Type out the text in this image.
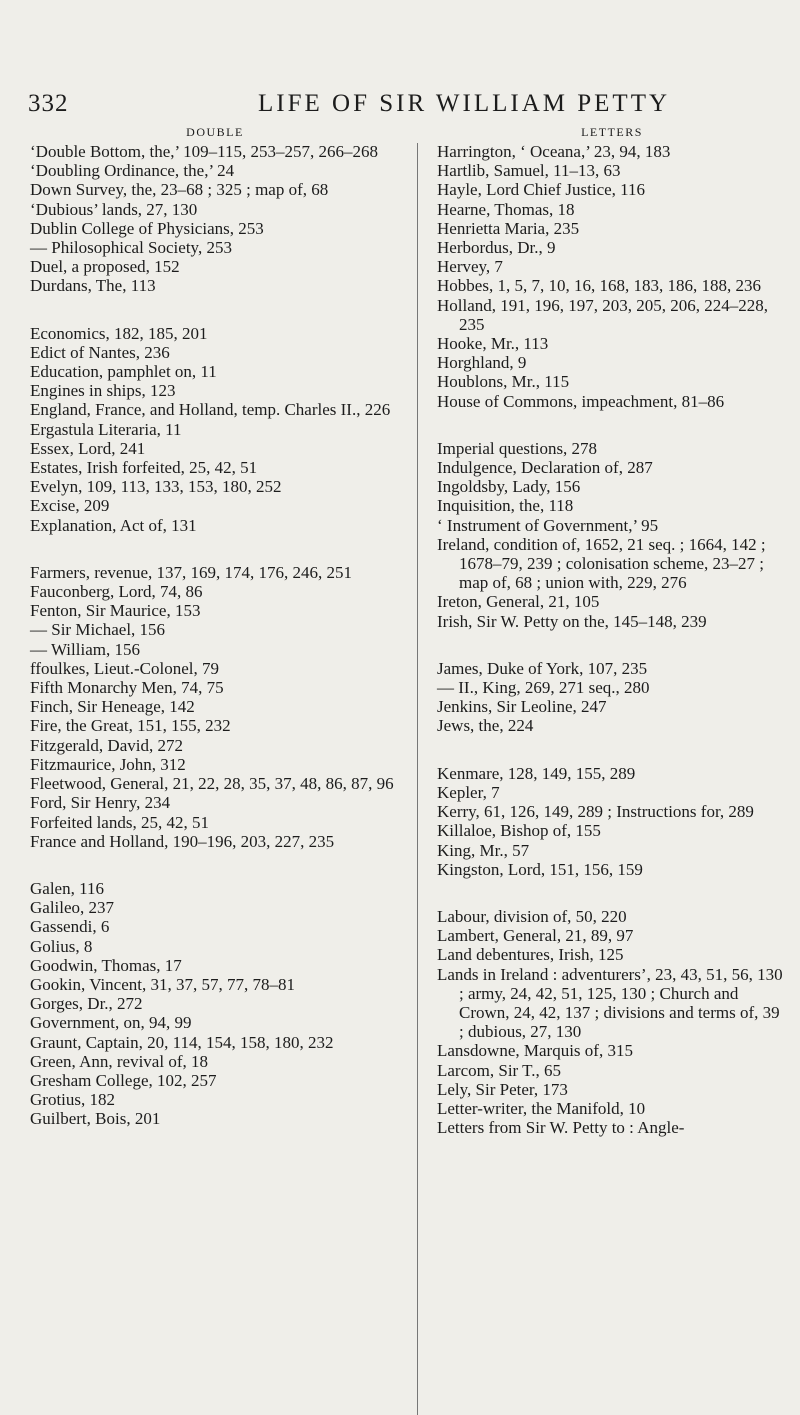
332	LIFE OF SIR WILLIAM PETTY
DOUBLE
‘Double Bottom, the,’ 109–115, 253–257, 266–268
‘Doubling Ordinance, the,’ 24
Down Survey, the, 23–68 ; 325 ; map of, 68
‘Dubious’ lands, 27, 130
Dublin College of Physicians, 253
— Philosophical Society, 253
Duel, a proposed, 152
Durdans, The, 113
Economics, 182, 185, 201
Edict of Nantes, 236
Education, pamphlet on, 11
Engines in ships, 123
England, France, and Holland, temp. Charles II., 226
Ergastula Literaria, 11
Essex, Lord, 241
Estates, Irish forfeited, 25, 42, 51
Evelyn, 109, 113, 133, 153, 180, 252
Excise, 209
Explanation, Act of, 131
Farmers, revenue, 137, 169, 174, 176, 246, 251
Fauconberg, Lord, 74, 86
Fenton, Sir Maurice, 153
— Sir Michael, 156
— William, 156
ffoulkes, Lieut.-Colonel, 79
Fifth Monarchy Men, 74, 75
Finch, Sir Heneage, 142
Fire, the Great, 151, 155, 232
Fitzgerald, David, 272
Fitzmaurice, John, 312
Fleetwood, General, 21, 22, 28, 35, 37, 48, 86, 87, 96
Ford, Sir Henry, 234
Forfeited lands, 25, 42, 51
France and Holland, 190–196, 203, 227, 235
Galen, 116
Galileo, 237
Gassendi, 6
Golius, 8
Goodwin, Thomas, 17
Gookin, Vincent, 31, 37, 57, 77, 78–81
Gorges, Dr., 272
Government, on, 94, 99
Graunt, Captain, 20, 114, 154, 158, 180, 232
Green, Ann, revival of, 18
Gresham College, 102, 257
Grotius, 182
Guilbert, Bois, 201
LETTERS
Harrington, ‘ Oceana,’ 23, 94, 183
Hartlib, Samuel, 11–13, 63
Hayle, Lord Chief Justice, 116
Hearne, Thomas, 18
Henrietta Maria, 235
Herbordus, Dr., 9
Hervey, 7
Hobbes, 1, 5, 7, 10, 16, 168, 183, 186, 188, 236
Holland, 191, 196, 197, 203, 205, 206, 224–228, 235
Hooke, Mr., 113
Horghland, 9
Houblons, Mr., 115
House of Commons, impeachment, 81–86
Imperial questions, 278
Indulgence, Declaration of, 287
Ingoldsby, Lady, 156
Inquisition, the, 118
‘ Instrument of Government,’ 95
Ireland, condition of, 1652, 21 seq. ; 1664, 142 ; 1678–79, 239 ; colonisation scheme, 23–27 ; map of, 68 ; union with, 229, 276
Ireton, General, 21, 105
Irish, Sir W. Petty on the, 145–148, 239
James, Duke of York, 107, 235
— II., King, 269, 271 seq., 280
Jenkins, Sir Leoline, 247
Jews, the, 224
Kenmare, 128, 149, 155, 289
Kepler, 7
Kerry, 61, 126, 149, 289 ; Instructions for, 289
Killaloe, Bishop of, 155
King, Mr., 57
Kingston, Lord, 151, 156, 159
Labour, division of, 50, 220
Lambert, General, 21, 89, 97
Land debentures, Irish, 125
Lands in Ireland : adventurers’, 23, 43, 51, 56, 130 ; army, 24, 42, 51, 125, 130 ; Church and Crown, 24, 42, 137 ; divisions and terms of, 39 ; dubious, 27, 130
Lansdowne, Marquis of, 315
Larcom, Sir T., 65
Lely, Sir Peter, 173
Letter-writer, the Manifold, 10
Letters from Sir W. Petty to : Angle-
